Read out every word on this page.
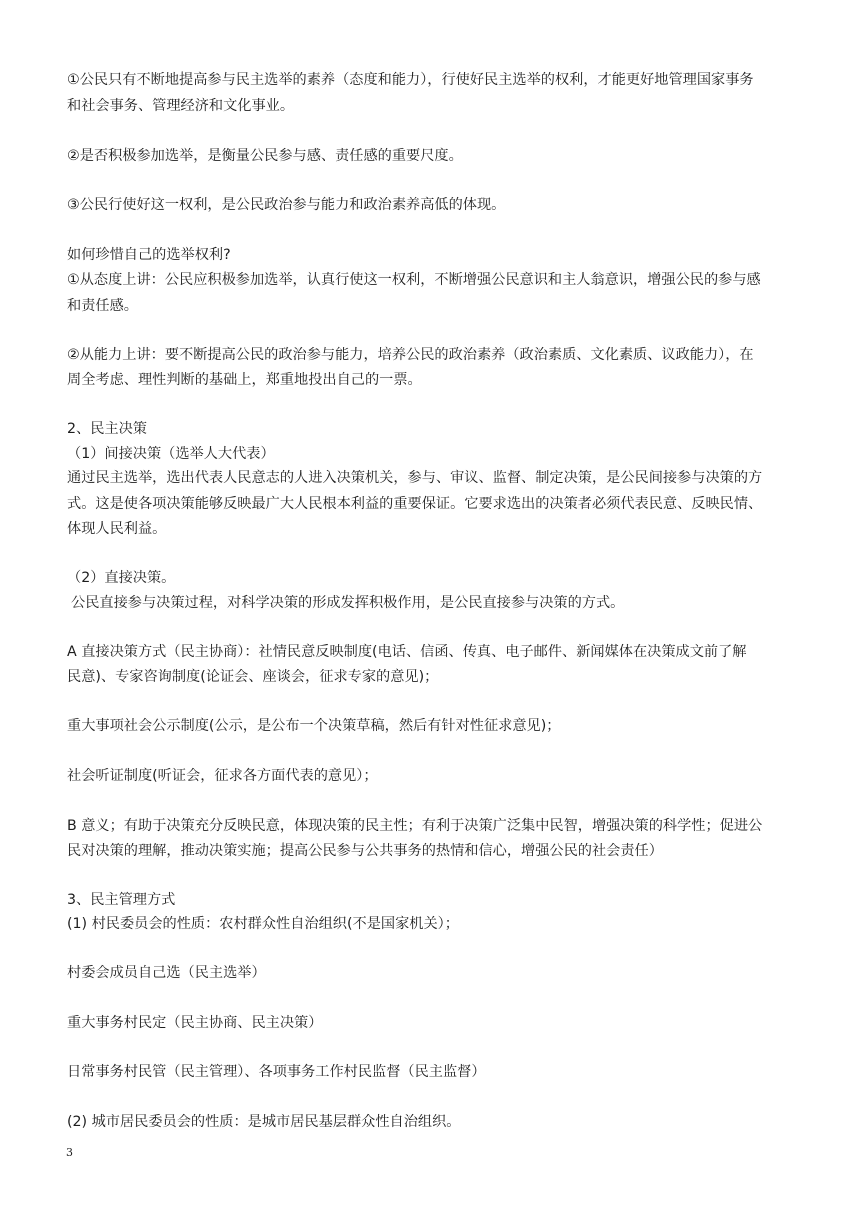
①公民只有不断地提高参与民主选举的素养（态度和能力），行使好民主选举的权利，才能更好地管理国家事务
和社会事务、管理经济和文化事业。
②是否积极参加选举，是衡量公民参与感、责任感的重要尺度。
③公民行使好这一权利，是公民政治参与能力和政治素养高低的体现。
如何珍惜自己的选举权利?
①从态度上讲：公民应积极参加选举，认真行使这一权利，不断增强公民意识和主人翁意识，增强公民的参与感
和责任感。
②从能力上讲：要不断提高公民的政治参与能力，培养公民的政治素养（政治素质、文化素质、议政能力），在
周全考虑、理性判断的基础上，郑重地投出自己的一票。
2、民主决策
（1）间接决策（选举人大代表）
通过民主选举，选出代表人民意志的人进入决策机关，参与、审议、监督、制定决策，是公民间接参与决策的方
式。这是使各项决策能够反映最广大人民根本利益的重要保证。它要求选出的决策者必须代表民意、反映民情、
体现人民利益。
（2）直接决策。
公民直接参与决策过程，对科学决策的形成发挥积极作用，是公民直接参与决策的方式。
A 直接决策方式（民主协商）：社情民意反映制度(电话、信函、传真、电子邮件、新闻媒体在决策成文前了解
民意)、专家咨询制度(论证会、座谈会，征求专家的意见)；
重大事项社会公示制度(公示，是公布一个决策草稿，然后有针对性征求意见)；
社会听证制度(听证会，征求各方面代表的意见）；
B 意义；有助于决策充分反映民意，体现决策的民主性；有利于决策广泛集中民智，增强决策的科学性；促进公
民对决策的理解，推动决策实施；提高公民参与公共事务的热情和信心，增强公民的社会责任）
3、民主管理方式
(1) 村民委员会的性质：农村群众性自治组织(不是国家机关）；
村委会成员自己选（民主选举）
重大事务村民定（民主协商、民主决策）
日常事务村民管（民主管理）、各项事务工作村民监督（民主监督）
(2) 城市居民委员会的性质：是城市居民基层群众性自治组织。
3
